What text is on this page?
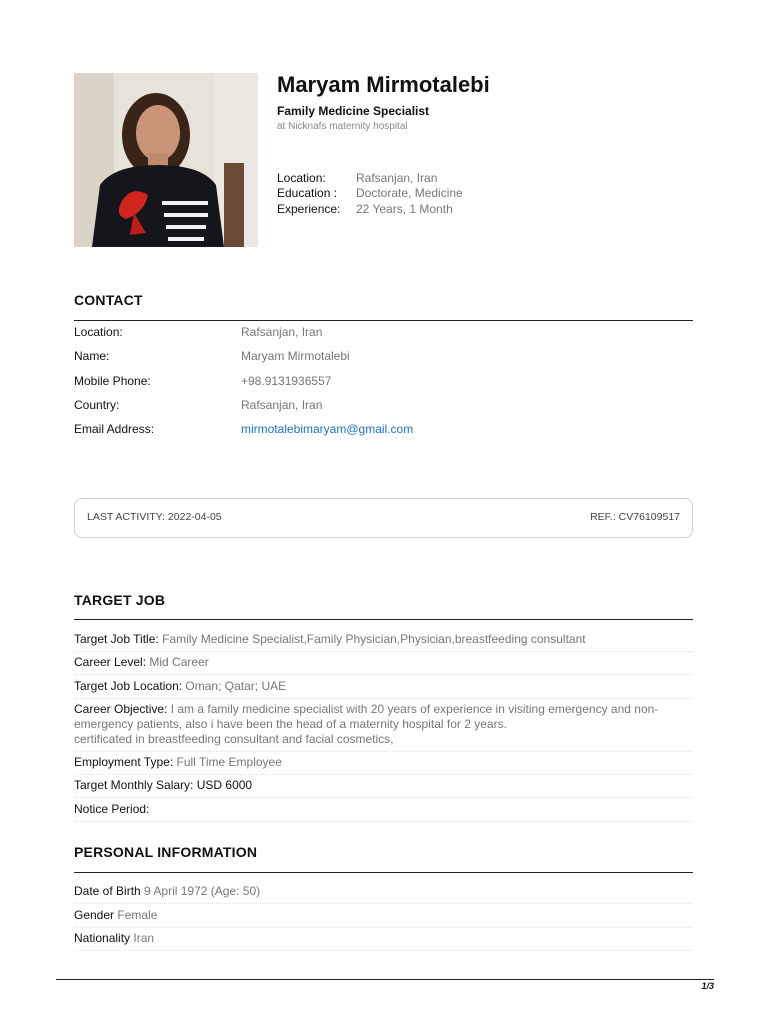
Maryam Mirmotalebi
Family Medicine Specialist
at Nicknafs maternity hospital
Location:	Rafsanjan, Iran
Education : Doctorate, Medicine
Experience: 22 Years, 1 Month
CONTACT
Location:	Rafsanjan, Iran
Name:	Maryam Mirmotalebi
Mobile Phone:	+98.9131936557
Country:	Rafsanjan, Iran
Email Address:	mirmotalebimaryam@gmail.com
LAST ACTIVITY: 2022-04-05	REF.: CV76109517
TARGET JOB
Target Job Title: Family Medicine Specialist,Family Physician,Physician,breastfeeding consultant
Career Level: Mid Career
Target Job Location: Oman; Qatar; UAE
Career Objective: I am a family medicine specialist with 20 years of experience in visiting emergency and non-emergency patients, also i have been the head of a maternity hospital for 2 years.
certificated in breastfeeding consultant and facial cosmetics,
Employment Type: Full Time Employee
Target Monthly Salary: USD 6000
Notice Period:
PERSONAL INFORMATION
Date of Birth 9 April 1972 (Age: 50)
Gender Female
Nationality Iran
1/3
